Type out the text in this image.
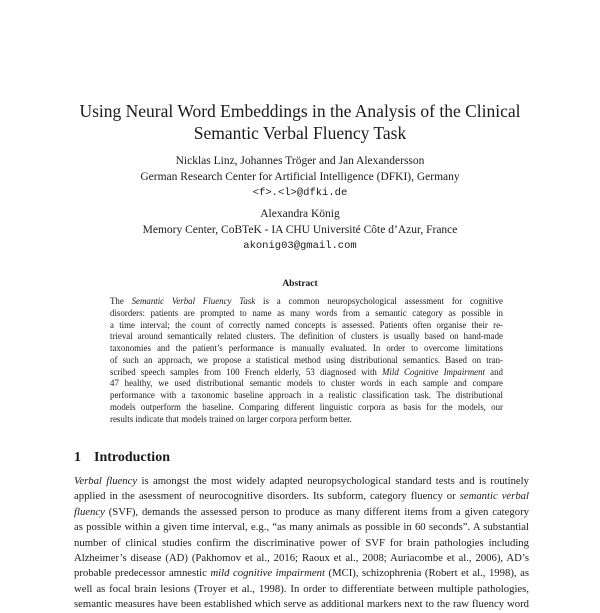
Using Neural Word Embeddings in the Analysis of the Clinical
Semantic Verbal Fluency Task
Nicklas Linz, Johannes Tröger and Jan Alexandersson
German Research Center for Artificial Intelligence (DFKI), Germany
<f>.<l>@dfki.de
Alexandra König
Memory Center, CoBTeK - IA CHU Université Côte d’Azur, France
akonig03@gmail.com
Abstract
The Semantic Verbal Fluency Task is a common neuropsychological assessment for cognitive
disorders: patients are prompted to name as many words from a semantic category as possible in
a time interval; the count of correctly named concepts is assessed. Patients often organise their re-
trieval around semantically related clusters. The definition of clusters is usually based on hand-made
taxonomies and the patient’s performance is manually evaluated. In order to overcome limitations
of such an approach, we propose a statistical method using distributional semantics. Based on tran-
scribed speech samples from 100 French elderly, 53 diagnosed with Mild Cognitive Impairment and
47 healthy, we used distributional semantic models to cluster words in each sample and compare
performance with a taxonomic baseline approach in a realistic classification task. The distributional
models outperform the baseline. Comparing different linguistic corpora as basis for the models, our
results indicate that models trained on larger corpora perform better.
1 Introduction
Verbal fluency is amongst the most widely adapted neuropsychological standard tests and is routinely
applied in the asessment of neurocognitive disorders. Its subform, category fluency or semantic verbal
fluency (SVF), demands the assessed person to produce as many different items from a given category
as possible within a given time interval, e.g., “as many animals as possible in 60 seconds”. A substantial
number of clinical studies confirm the discriminative power of SVF for brain pathologies including
Alzheimer’s disease (AD) (Pakhomov et al., 2016; Raoux et al., 2008; Auriacombe et al., 2006), AD’s
probable predecessor amnestic mild cognitive impairment (MCI), schizophrenia (Robert et al., 1998), as
well as focal brain lesions (Troyer et al., 1998). In order to differentiate between multiple pathologies,
semantic measures have been established which serve as additional markers next to the raw fluency word
